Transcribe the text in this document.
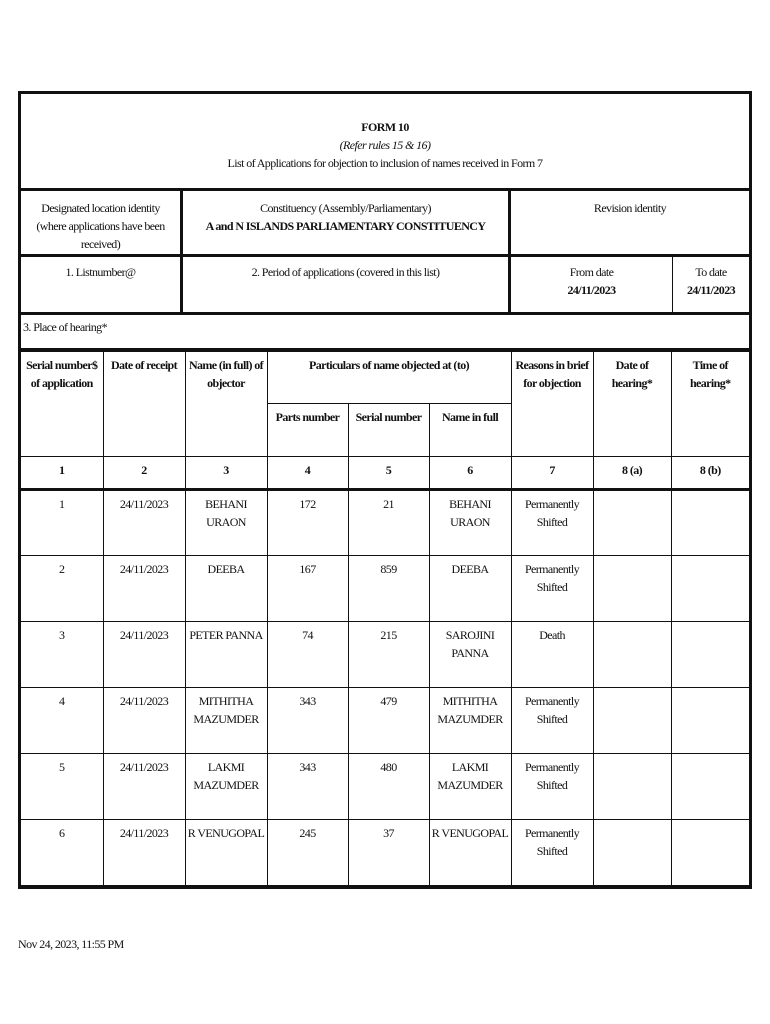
FORM 10
(Refer rules 15 & 16)
List of Applications for objection to inclusion of names received in Form 7
Designated location identity (where applications have been received)
Constituency (Assembly/Parliamentary)
A and N ISLANDS PARLIAMENTARY CONSTITUENCY
Revision identity
1. Listnumber@	2. Period of applications (covered in this list)	From date
24/11/2023
To date
24/11/2023
3. Place of hearing*
Serial number$ of application	Date of receipt	Name (in full) of objector	Particulars of name objected at (to)			Reasons in brief for objection	Date of hearing*	Time of hearing*
			Parts number	Serial number	Name in full			
1	2	3	4	5	6	7	8 (a)	8 (b)
1	24/11/2023	BEHANI URAON	172	21	BEHANI URAON	Permanently Shifted		
2	24/11/2023	DEEBA	167	859	DEEBA	Permanently Shifted		
3	24/11/2023	PETER PANNA	74	215	SAROJINI PANNA	Death		
4	24/11/2023	MITHITHA MAZUMDER	343	479	MITHITHA MAZUMDER	Permanently Shifted		
5	24/11/2023	LAKMI MAZUMDER	343	480	LAKMI MAZUMDER	Permanently Shifted		
6	24/11/2023	R VENUGOPAL	245	37	R VENUGOPAL	Permanently Shifted		
Nov 24, 2023, 11:55 PM
